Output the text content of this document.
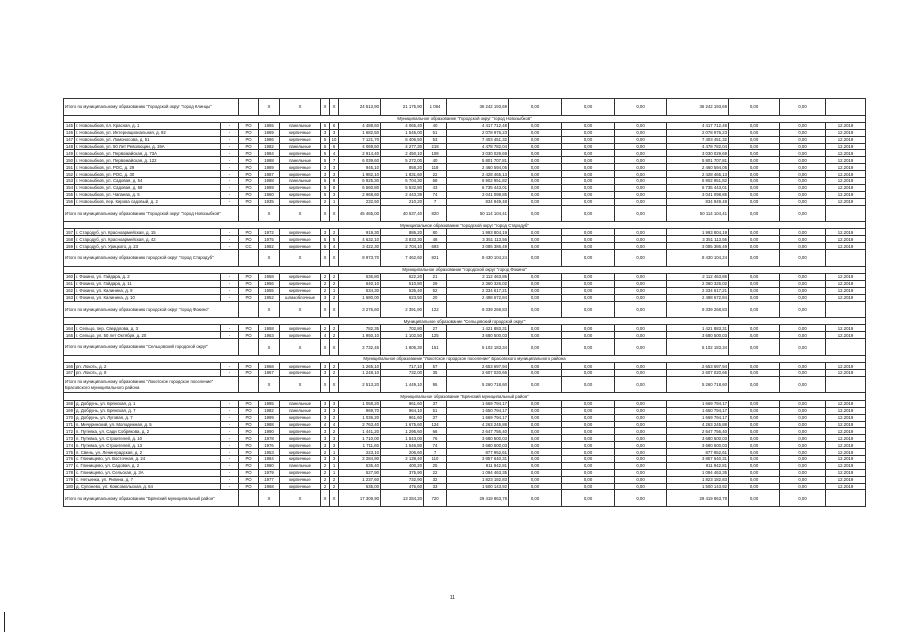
Итого по муниципальному образованию "Городской округ "город Клинцы"				X	X	X	X	24 513,90	21 175,90	1 084	36 242 193,69	0,00	0,00	0,00	36 242 193,69	0,00	0,00	
Муниципальное образование "Городской округ "город Новозыбков"																		
145	г. Новозыбков, пл. Красная, д. 1	-	РО	1965	панельные	5	6	4 488,60	4 065,40	40	4 417 712,48	0,00	0,00	0,00	4 417 712,48	0,00	0,00	12.2019
146	г. Новозыбков, ул. Интернациональная, д. 92	-	РО	1969	кирпичные	3	3	1 682,50	1 546,00	51	2 078 976,23	0,00	0,00	0,00	2 078 976,23	0,00	0,00	12.2019
147	г. Новозыбков, ул. Ломоносова, д. 51	-	РО	1986	кирпичные	5	10	7 121,70	6 406,50	53	7 403 451,32	0,00	0,00	0,00	7 403 451,32	0,00	0,00	12.2019
148	г. Новозыбков, ул. 50 Лет Революции, д. 19А	-	РО	1982	панельные	5	6	4 069,50	4 277,30	218	4 478 782,04	0,00	0,00	0,00	4 478 782,04	0,00	0,00	12.2019
149	г. Новозыбков, ул. Первомайская, д. 73А	-	РО	1984	кирпичные	5	4	2 914,40	2 450,10	108	3 030 029,69	0,00	0,00	0,00	3 030 029,69	0,00	0,00	12.2019
150	г. Новозыбков, ул. Первомайская, д. 122	-	РО	1988	панельные	5	7	6 039,60	5 272,00	40	5 801 707,81	0,00	0,00	0,00	5 801 707,81	0,00	0,00	12.2019
151	г. Новозыбков, ул. РОС, д. 29	-	РО	1989	кирпичные	2	3	945,10	858,20	118	2 460 594,05	0,00	0,00	0,00	2 460 594,05	0,00	0,00	12.2019
152	г. Новозыбков, ул. РОС, д. 30	-	РО	1987	кирпичные	3	3	1 982,10	1 831,60	22	2 428 465,13	0,00	0,00	0,00	2 428 465,13	0,00	0,00	12.2019
153	г. Новозыбков, ул. Садовая, д. 54	-	РО	1988	панельные	5	8	6 925,30	5 704,30	68	6 902 951,82	0,00	0,00	0,00	6 902 951,82	0,00	0,00	12.2019
154	г. Новозыбков, ул. Садовая, д. 58	-	РО	1989	кирпичные	5	8	6 560,80	5 532,80	43	6 735 443,01	0,00	0,00	0,00	6 735 443,01	0,00	0,00	12.2019
155	г. Новозыбков, ул. Чапаева, д. 5	-	РО	1960	кирпичные	5	3	2 968,60	2 443,39	74	3 041 098,85	0,00	0,00	0,00	3 041 098,85	0,00	0,00	12.2019
156	г. Новозыбков, пер. Кирова садовый, д. 2	-	РО	1935	кирпичные	2	1	232,50	210,20	7	834 949,48	0,00	0,00	0,00	834 949,48	0,00	0,00	12.2019
Итого по муниципальному образованию "Городской округ "город Новозыбков"				X	X	X	X	45 465,00	40 637,40	820	50 114 104,41	0,00	0,00	0,00	50 114 104,41	0,00	0,00	
Муниципальное образование "городской округ "город Стародуб"																		
157	г. Стародуб, ул. Красноармейская, д. 15	-	РО	1972	кирпичные	3	2	919,30	886,20	80	1 993 804,19	0,00	0,00	0,00	1 993 804,19	0,00	0,00	12.2019
158	г. Стародуб, ул. Красноармейская, д. 42	-	РО	1975	кирпичные	5	5	4 632,10	3 833,30	48	3 351 113,56	0,00	0,00	0,00	3 351 113,56	0,00	0,00	12.2019
159	г. Стародуб, ул. Урицкого, д. 23	-	СС	1982	кирпичные	5	4	3 422,30	2 704,10	693	3 085 386,49	0,00	0,00	0,00	3 085 386,49	0,00	0,00	12.2019
Итого по муниципальному образованию городской округ "город Стародуб"				X	X	X	X	8 973,70	7 462,60	821	8 430 104,24	0,00	0,00	0,00	8 430 104,24	0,00	0,00	
Муниципальное образование "городской округ "город Фокино"																		
160	г. Фокино, ул. Гайдара, д. 2	-	РО	1958	кирпичные	2	2	636,80	622,20	21	2 112 463,86	0,00	0,00	0,00	2 112 463,86	0,00	0,00	12.2019
161	г. Фокино, ул. Гайдара, д. 11	-	РО	1956	кирпичные	2	2	640,10	510,80	29	2 360 326,02	0,00	0,00	0,00	2 360 326,02	0,00	0,00	12.2019
162	г. Фокино, ул. Калинина, д. 9	-	РО	1955	кирпичные	2	1	534,30	535,40	52	2 334 617,21	0,00	0,00	0,00	2 334 617,21	0,00	0,00	12.2019
163	г. Фокино, ул. Калинина, д. 10	-	РО	1952	шлакоблочные	3	2	1 680,00	623,50	20	2 498 672,84	0,00	0,00	0,00	2 498 672,84	0,00	0,00	12.2019
Итого по муниципальному образованию городской округ "город Фокино"				X	X	X	X	3 276,60	2 391,90	122	9 339 268,83	0,00	0,00	0,00	9 339 268,83	0,00	0,00	
Муниципальное образование "Сельцовский городской округ"																		
164	г. Сельцо, пер. Свердлова, д. 3	-	РО	1958	кирпичные	2	2	782,35	702,80	27	1 421 883,31	0,00	0,00	0,00	1 421 883,31	0,00	0,00	12.2019
165	г. Сельцо, ул. 50 лет Октября, д. 20	-	РО	1963	кирпичные	4	2	1 950,10	1 102,50	125	3 680 500,03	0,00	0,00	0,00	3 680 500,03	0,00	0,00	12.2019
Итого по муниципальному образованию "Сельцовский городской округ"				X	X	X	X	2 732,45	1 805,30	151	5 102 183,34	0,00	0,00	0,00	5 102 183,34	0,00	0,00	
Муниципальное образование "Локотское городское поселение" Брасовского муниципального района																		
166	рп. Локоть, д. 2	-	РО	1968	кирпичные	3	2	1 265,10	717,10	57	2 653 697,94	0,00	0,00	0,00	2 653 697,94	0,00	0,00	12.2019
167	рп. Локоть, д. 8	-	РО	1967	кирпичные	3	2	1 248,10	732,00	35	2 607 020,66	0,00	0,00	0,00	2 607 020,66	0,00	0,00	12.2019
Итого по муниципальному образованию "Локотское городское поселение" Брасовского муниципального района				X	X	X	X	2 513,20	1 449,10	95	5 260 718,60	0,00	0,00	0,00	5 260 718,60	0,00	0,00	
Муниципальное образование "Брянский муниципальный район"																		
168	д. Добрунь, ул. Брянская, д. 1	-	РО	1985	панельные	3	3	1 058,20	961,60	37	1 669 794,17	0,00	0,00	0,00	1 669 794,17	0,00	0,00	12.2019
169	д. Добрунь, ул. Брянская, д. 7	-	РО	1982	панельные	3	3	969,70	964,10	51	1 650 794,17	0,00	0,00	0,00	1 650 794,17	0,00	0,00	12.2019
170	д. Добрунь, ул. Луговая, д. 7	-	РО	1999	кирпичные	3	2	1 036,20	961,60	37	1 669 794,17	0,00	0,00	0,00	1 669 794,17	0,00	0,00	12.2019
171	п. Мичуринский, ул. Молодежная, д. 5	-	РО	1988	кирпичные	4	4	2 763,40	1 675,60	124	4 263 245,88	0,00	0,00	0,00	4 263 245,88	0,00	0,00	12.2019
172	п. Путевка, ул. Сади Собрякова, д. 2	-	РО	1990	кирпичные	3	2	1 441,20	1 295,60	66	2 647 756,40	0,00	0,00	0,00	2 647 756,40	0,00	0,00	12.2019
173	п. Путевка, ул. Строителей, д. 10	-	РО	1978	кирпичные	3	3	1 710,00	1 543,00	76	3 680 500,03	0,00	0,00	0,00	3 680 500,03	0,00	0,00	12.2019
174	п. Путевка, ул. Строителей, д. 13	-	РО	1976	кирпичные	3	3	1 711,60	1 546,80	74	3 680 500,03	0,00	0,00	0,00	3 680 500,03	0,00	0,00	12.2019
175	п. Свень, ул. Ленинградская, д. 2	-	РО	1953	кирпичные	2	1	223,10	206,60	7	877 952,61	0,00	0,00	0,00	877 952,61	0,00	0,00	12.2019
176	с. Глинищево, ул. Восточная, д. 24	-	РО	1984	кирпичные	3	3	2 284,90	2 139,40	110	3 857 640,31	0,00	0,00	0,00	3 857 640,31	0,00	0,00	12.2019
177	с. Глинищево, ул. Садовая, д. 2	-	РО	1980	панельные	2	1	535,40	400,20	25	811 942,81	0,00	0,00	0,00	811 942,81	0,00	0,00	12.2019
178	с. Глинищево, ул. Сельская, д. 3А	-	РО	1979	кирпичные	2	1	527,90	375,90	22	1 094 463,35	0,00	0,00	0,00	1 094 463,35	0,00	0,00	12.2019
179	с. Нетьинка, ул. Рипина, д. 7	-	РО	1977	кирпичные	2	2	1 237,60	732,90	32	1 823 182,83	0,00	0,00	0,00	1 823 182,83	0,00	0,00	12.2019
180	д. Супонево, ул. Комсомольская, д. 64	-	РО	1968	кирпичные	2	2	535,00	476,60	33	1 500 143,92	0,00	0,00	0,00	1 500 143,92	0,00	0,00	12.2019
Итого по муниципальному образованию "Брянский муниципальный район"				X	X	X	X	17 309,90	13 284,20	720	29 419 863,78	0,00	0,00	0,00	29 419 863,78	0,00	0,00	
11
